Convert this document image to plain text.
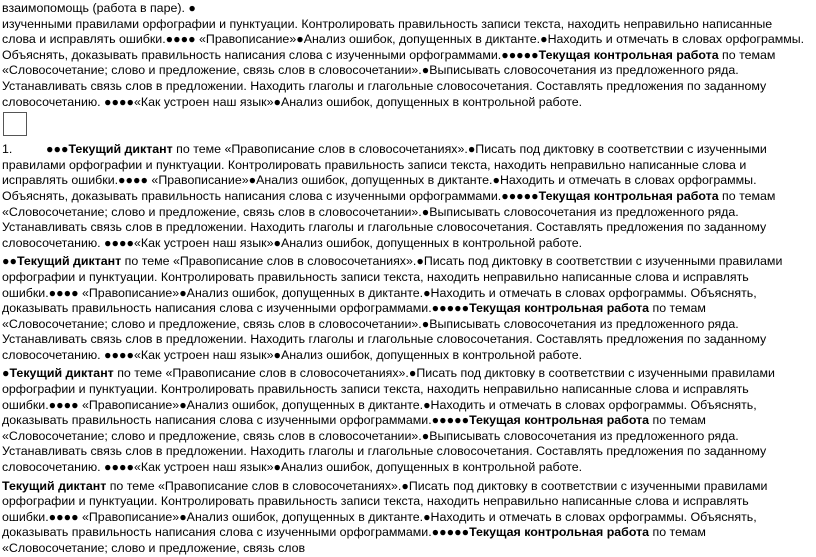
взаимопомощь (работа в паре). ●

изученными правилами орфографии и пунктуации. Контролировать правильность записи текста, находить неправильно написанные слова и исправлять ошибки.●●●● «Правописание»●Анализ ошибок, допущенных в диктанте.●Находить и отмечать в словах орфограммы. Объяснять, доказывать правильность написания слова с изученными орфограммами.●●●●●Текущая контрольная работа по темам «Словосочетание; слово и предложение, связь слов в словосочетании».●Выписывать словосочетания из предложенного ряда. Устанавливать связь слов в предложении. Находить глаголы и глагольные словосочетания. Составлять предложения по заданному словосочетанию. ●●●●«Как устроен наш язык»●Анализ ошибок, допущенных в контрольной работе.

1.	●●●Текущий диктант по теме «Правописание слов в словосочетаниях».●Писать под диктовку в соответствии с изученными правилами орфографии и пунктуации. Контролировать правильность записи текста, находить неправильно написанные слова и исправлять ошибки.●●●● «Правописание»●Анализ ошибок, допущенных в диктанте.●Находить и отмечать в словах орфограммы. Объяснять, доказывать правильность написания слова с изученными орфограммами.●●●●●Текущая контрольная работа по темам «Словосочетание; слово и предложение, связь слов в словосочетании».●Выписывать словосочетания из предложенного ряда. Устанавливать связь слов в предложении. Находить глаголы и глагольные словосочетания. Составлять предложения по заданному словосочетанию. ●●●●«Как устроен наш язык»●Анализ ошибок, допущенных в контрольной работе.

●●Текущий диктант по теме «Правописание слов в словосочетаниях».●Писать под диктовку в соответствии с изученными правилами орфографии и пунктуации. Контролировать правильность записи текста, находить неправильно написанные слова и исправлять ошибки.●●●● «Правописание»●Анализ ошибок, допущенных в диктанте.●Находить и отмечать в словах орфограммы. Объяснять, доказывать правильность написания слова с изученными орфограммами.●●●●●Текущая контрольная работа по темам «Словосочетание; слово и предложение, связь слов в словосочетании».●Выписывать словосочетания из предложенного ряда. Устанавливать связь слов в предложении. Находить глаголы и глагольные словосочетания. Составлять предложения по заданному словосочетанию. ●●●●«Как устроен наш язык»●Анализ ошибок, допущенных в контрольной работе.

●Текущий диктант по теме «Правописание слов в словосочетаниях».●Писать под диктовку в соответствии с изученными правилами орфографии и пунктуации. Контролировать правильность записи текста, находить неправильно написанные слова и исправлять ошибки.●●●● «Правописание»●Анализ ошибок, допущенных в диктанте.●Находить и отмечать в словах орфограммы. Объяснять, доказывать правильность написания слова с изученными орфограммами.●●●●●Текущая контрольная работа по темам «Словосочетание; слово и предложение, связь слов в словосочетании».●Выписывать словосочетания из предложенного ряда. Устанавливать связь слов в предложении. Находить глаголы и глагольные словосочетания. Составлять предложения по заданному словосочетанию. ●●●●«Как устроен наш язык»●Анализ ошибок, допущенных в контрольной работе.

Текущий диктант по теме «Правописание слов в словосочетаниях».●Писать под диктовку в соответствии с изученными правилами орфографии и пунктуации. Контролировать правильность записи текста, находить неправильно написанные слова и исправлять ошибки.●●●● «Правописание»●Анализ ошибок, допущенных в диктанте.●Находить и отмечать в словах орфограммы. Объяснять, доказывать правильность написания слова с изученными орфограммами.●●●●●Текущая контрольная работа по темам «Словосочетание; слово и предложение, связь слов
